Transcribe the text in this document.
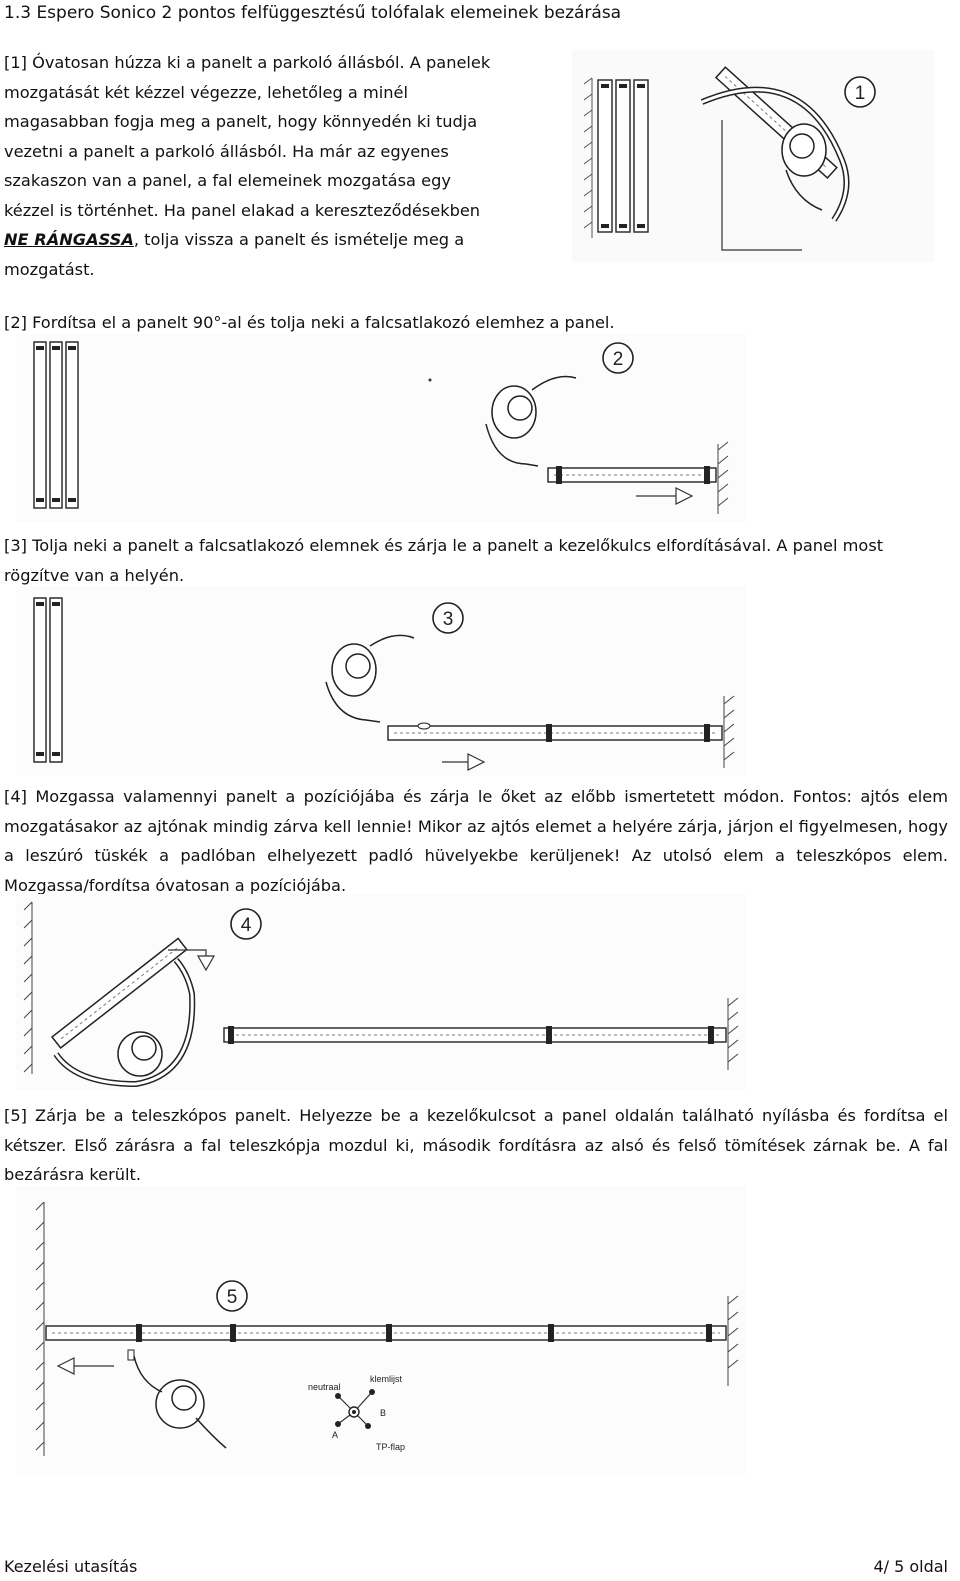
1.3 Espero Sonico 2 pontos felfüggesztésű tolófalak elemeinek bezárása
[1] Óvatosan húzza ki a panelt a parkoló állásból. A panelek
mozgatását két kézzel végezze, lehetőleg a minél
magasabban fogja meg a panelt, hogy könnyedén ki tudja
vezetni a panelt a parkoló állásból. Ha már az egyenes
szakaszon van a panel, a fal elemeinek mozgatása egy
kézzel is történhet. Ha panel elakad a kereszteződésekben
NE RÁNGASSA, tolja vissza a panelt és ismételje meg a
mozgatást.
1
[2] Fordítsa el a panelt 90°-al és tolja neki a falcsatlakozó elemhez a panel.
2
[3] Tolja neki a panelt a falcsatlakozó elemnek és zárja le a panelt a kezelőkulcs elfordításával. A panel most rögzítve van a helyén.
3
[4] Mozgassa valamennyi panelt a pozíciójába és zárja le őket az előbb ismertetett módon. Fontos: ajtós elem mozgatásakor az ajtónak mindig zárva kell lennie! Mikor az ajtós elemet a helyére zárja, járjon el figyelmesen, hogy a leszúró tüskék a padlóban elhelyezett padló hüvelyekbe kerüljenek! Az utolsó elem a teleszkópos elem. Mozgassa/fordítsa óvatosan a pozíciójába.
4
[5] Zárja be a teleszkópos panelt. Helyezze be a kezelőkulcsot a panel oldalán található nyílásba és fordítsa el kétszer. Első zárásra a fal teleszkópja mozdul ki, második fordításra az alsó és felső tömítések zárnak be. A fal bezárásra került.
neutraal
klemlijst
B
A
TP-flap
5
Kezelési utasítás	4/ 5 oldal
